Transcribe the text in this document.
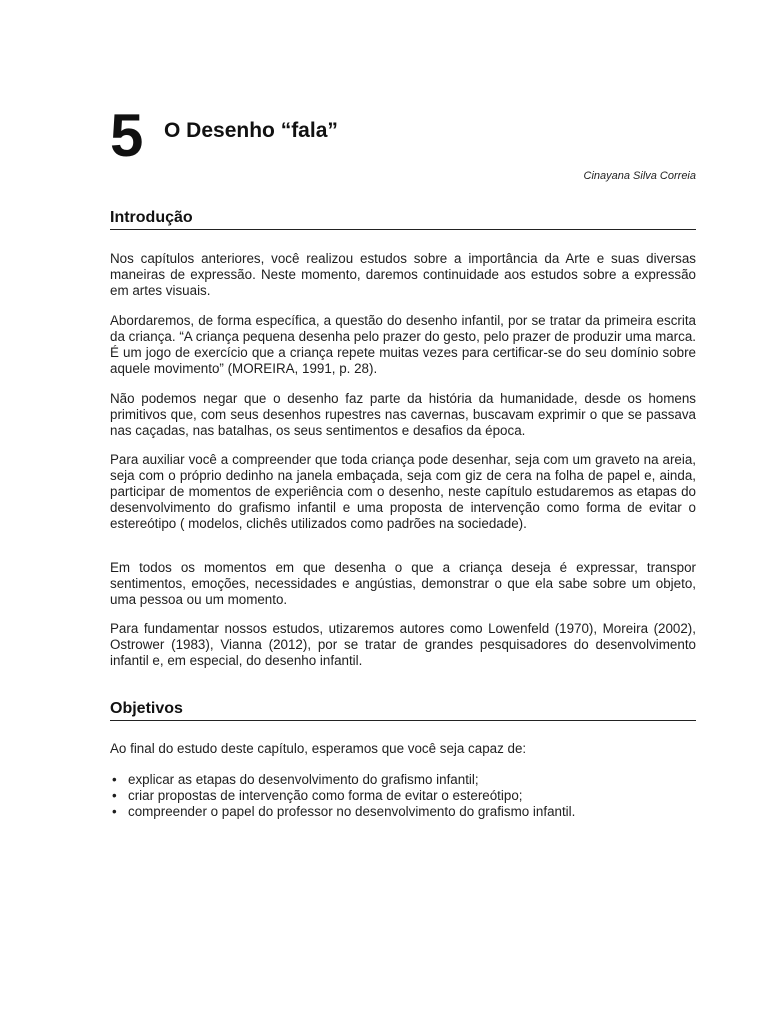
5 O Desenho “fala”
Cinayana Silva Correia
Introdução

Nos capítulos anteriores, você realizou estudos sobre a importância da Arte e suas diversas maneiras de expressão. Neste momento, daremos continuidade aos estudos sobre a expressão em artes visuais.

Abordaremos, de forma específica, a questão do desenho infantil, por se tratar da primeira escrita da criança. “A criança pequena desenha pelo prazer do gesto, pelo prazer de produzir uma marca. É um jogo de exercício que a criança repete muitas vezes para certificar-se do seu domínio sobre aquele movimento” (MOREIRA, 1991, p. 28).

Não podemos negar que o desenho faz parte da história da humanidade, desde os homens primitivos que, com seus desenhos rupestres nas cavernas, buscavam exprimir o que se passava nas caçadas, nas batalhas, os seus sentimentos e desafios da época.

Para auxiliar você a compreender que toda criança pode desenhar, seja com um graveto na areia, seja com o próprio dedinho na janela embaçada, seja com giz de cera na folha de papel e, ainda, participar de momentos de experiência com o desenho, neste capítulo estudaremos as etapas do desenvolvimento do grafismo infantil e uma proposta de intervenção como forma de evitar o estereótipo ( modelos, clichês utilizados como padrões na sociedade).

Em todos os momentos em que desenha o que a criança deseja é expressar, transpor sentimentos, emoções, necessidades e angústias, demonstrar o que ela sabe sobre um objeto, uma pessoa ou um momento.

Para fundamentar nossos estudos, utizaremos autores como Lowenfeld (1970), Moreira (2002), Ostrower (1983), Vianna (2012), por se tratar de grandes pesquisadores do desenvolvimento infantil e, em especial, do desenho infantil.

Objetivos

Ao final do estudo deste capítulo, esperamos que você seja capaz de:

• explicar as etapas do desenvolvimento do grafismo infantil;
• criar propostas de intervenção como forma de evitar o estereótipo;
• compreender o papel do professor no desenvolvimento do grafismo infantil.
